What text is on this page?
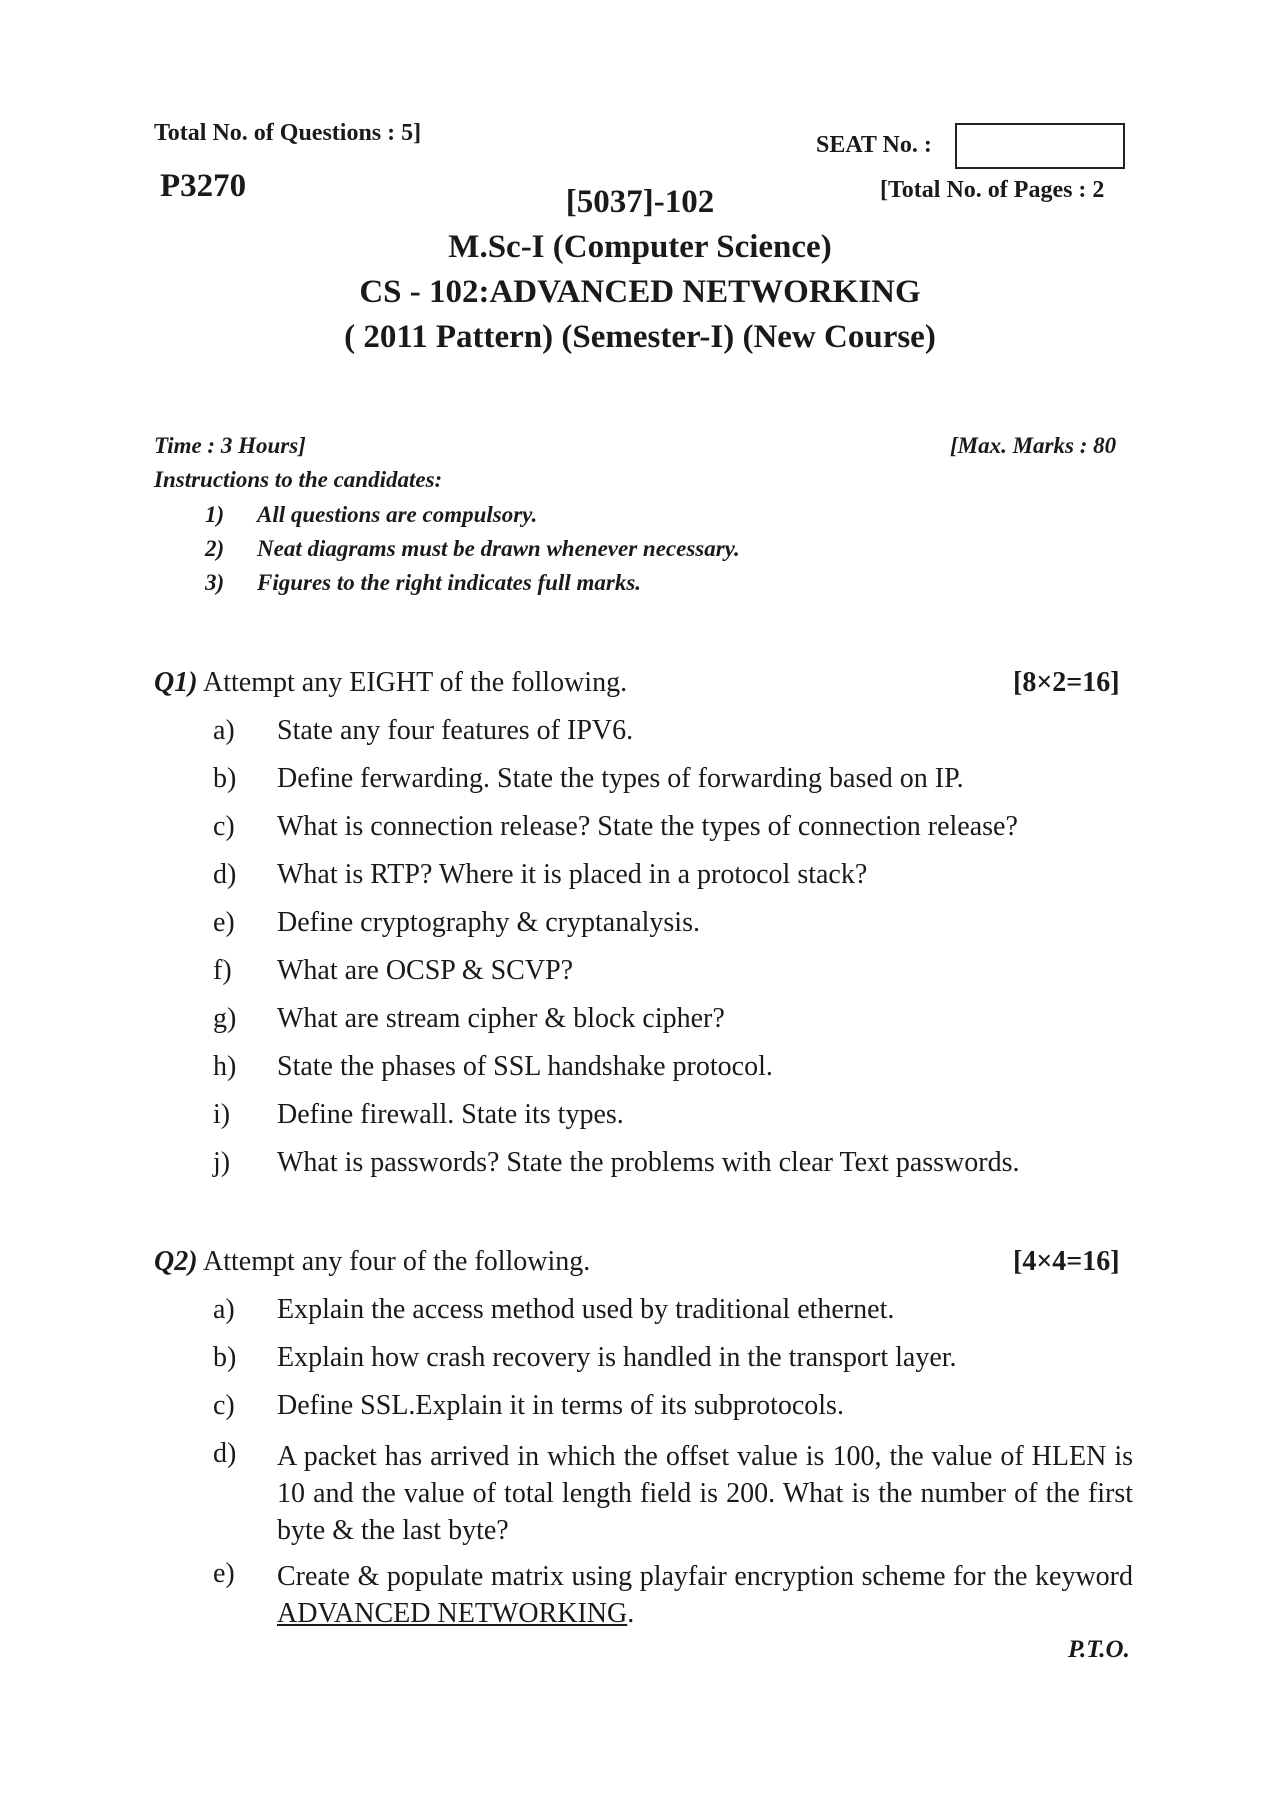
Total No. of Questions : 5]	SEAT No. :
P3270	[Total No. of Pages : 2
[5037]-102
M.Sc-I (Computer Science)
CS - 102:ADVANCED NETWORKING
( 2011 Pattern) (Semester-I) (New Course)
Time : 3 Hours]	[Max. Marks : 80
Instructions to the candidates:
1) All questions are compulsory.
2) Neat diagrams must be drawn whenever necessary.
3) Figures to the right indicates full marks.
Q1) Attempt any EIGHT of the following.	[8×2=16]
a) State any four features of IPV6.
b) Define ferwarding. State the types of forwarding based on IP.
c) What is connection release? State the types of connection release?
d) What is RTP? Where it is placed in a protocol stack?
e) Define cryptography & cryptanalysis.
f) What are OCSP & SCVP?
g) What are stream cipher & block cipher?
h) State the phases of SSL handshake protocol.
i) Define firewall. State its types.
j) What is passwords? State the problems with clear Text passwords.
Q2) Attempt any four of the following.	[4×4=16]
a) Explain the access method used by traditional ethernet.
b) Explain how crash recovery is handled in the transport layer.
c) Define SSL.Explain it in terms of its subprotocols.
d) A packet has arrived in which the offset value is 100, the value of HLEN is 10 and the value of total length field is 200. What is the number of the first byte & the last byte?
e) Create & populate matrix using playfair encryption scheme for the keyword ADVANCED NETWORKING.
P.T.O.
